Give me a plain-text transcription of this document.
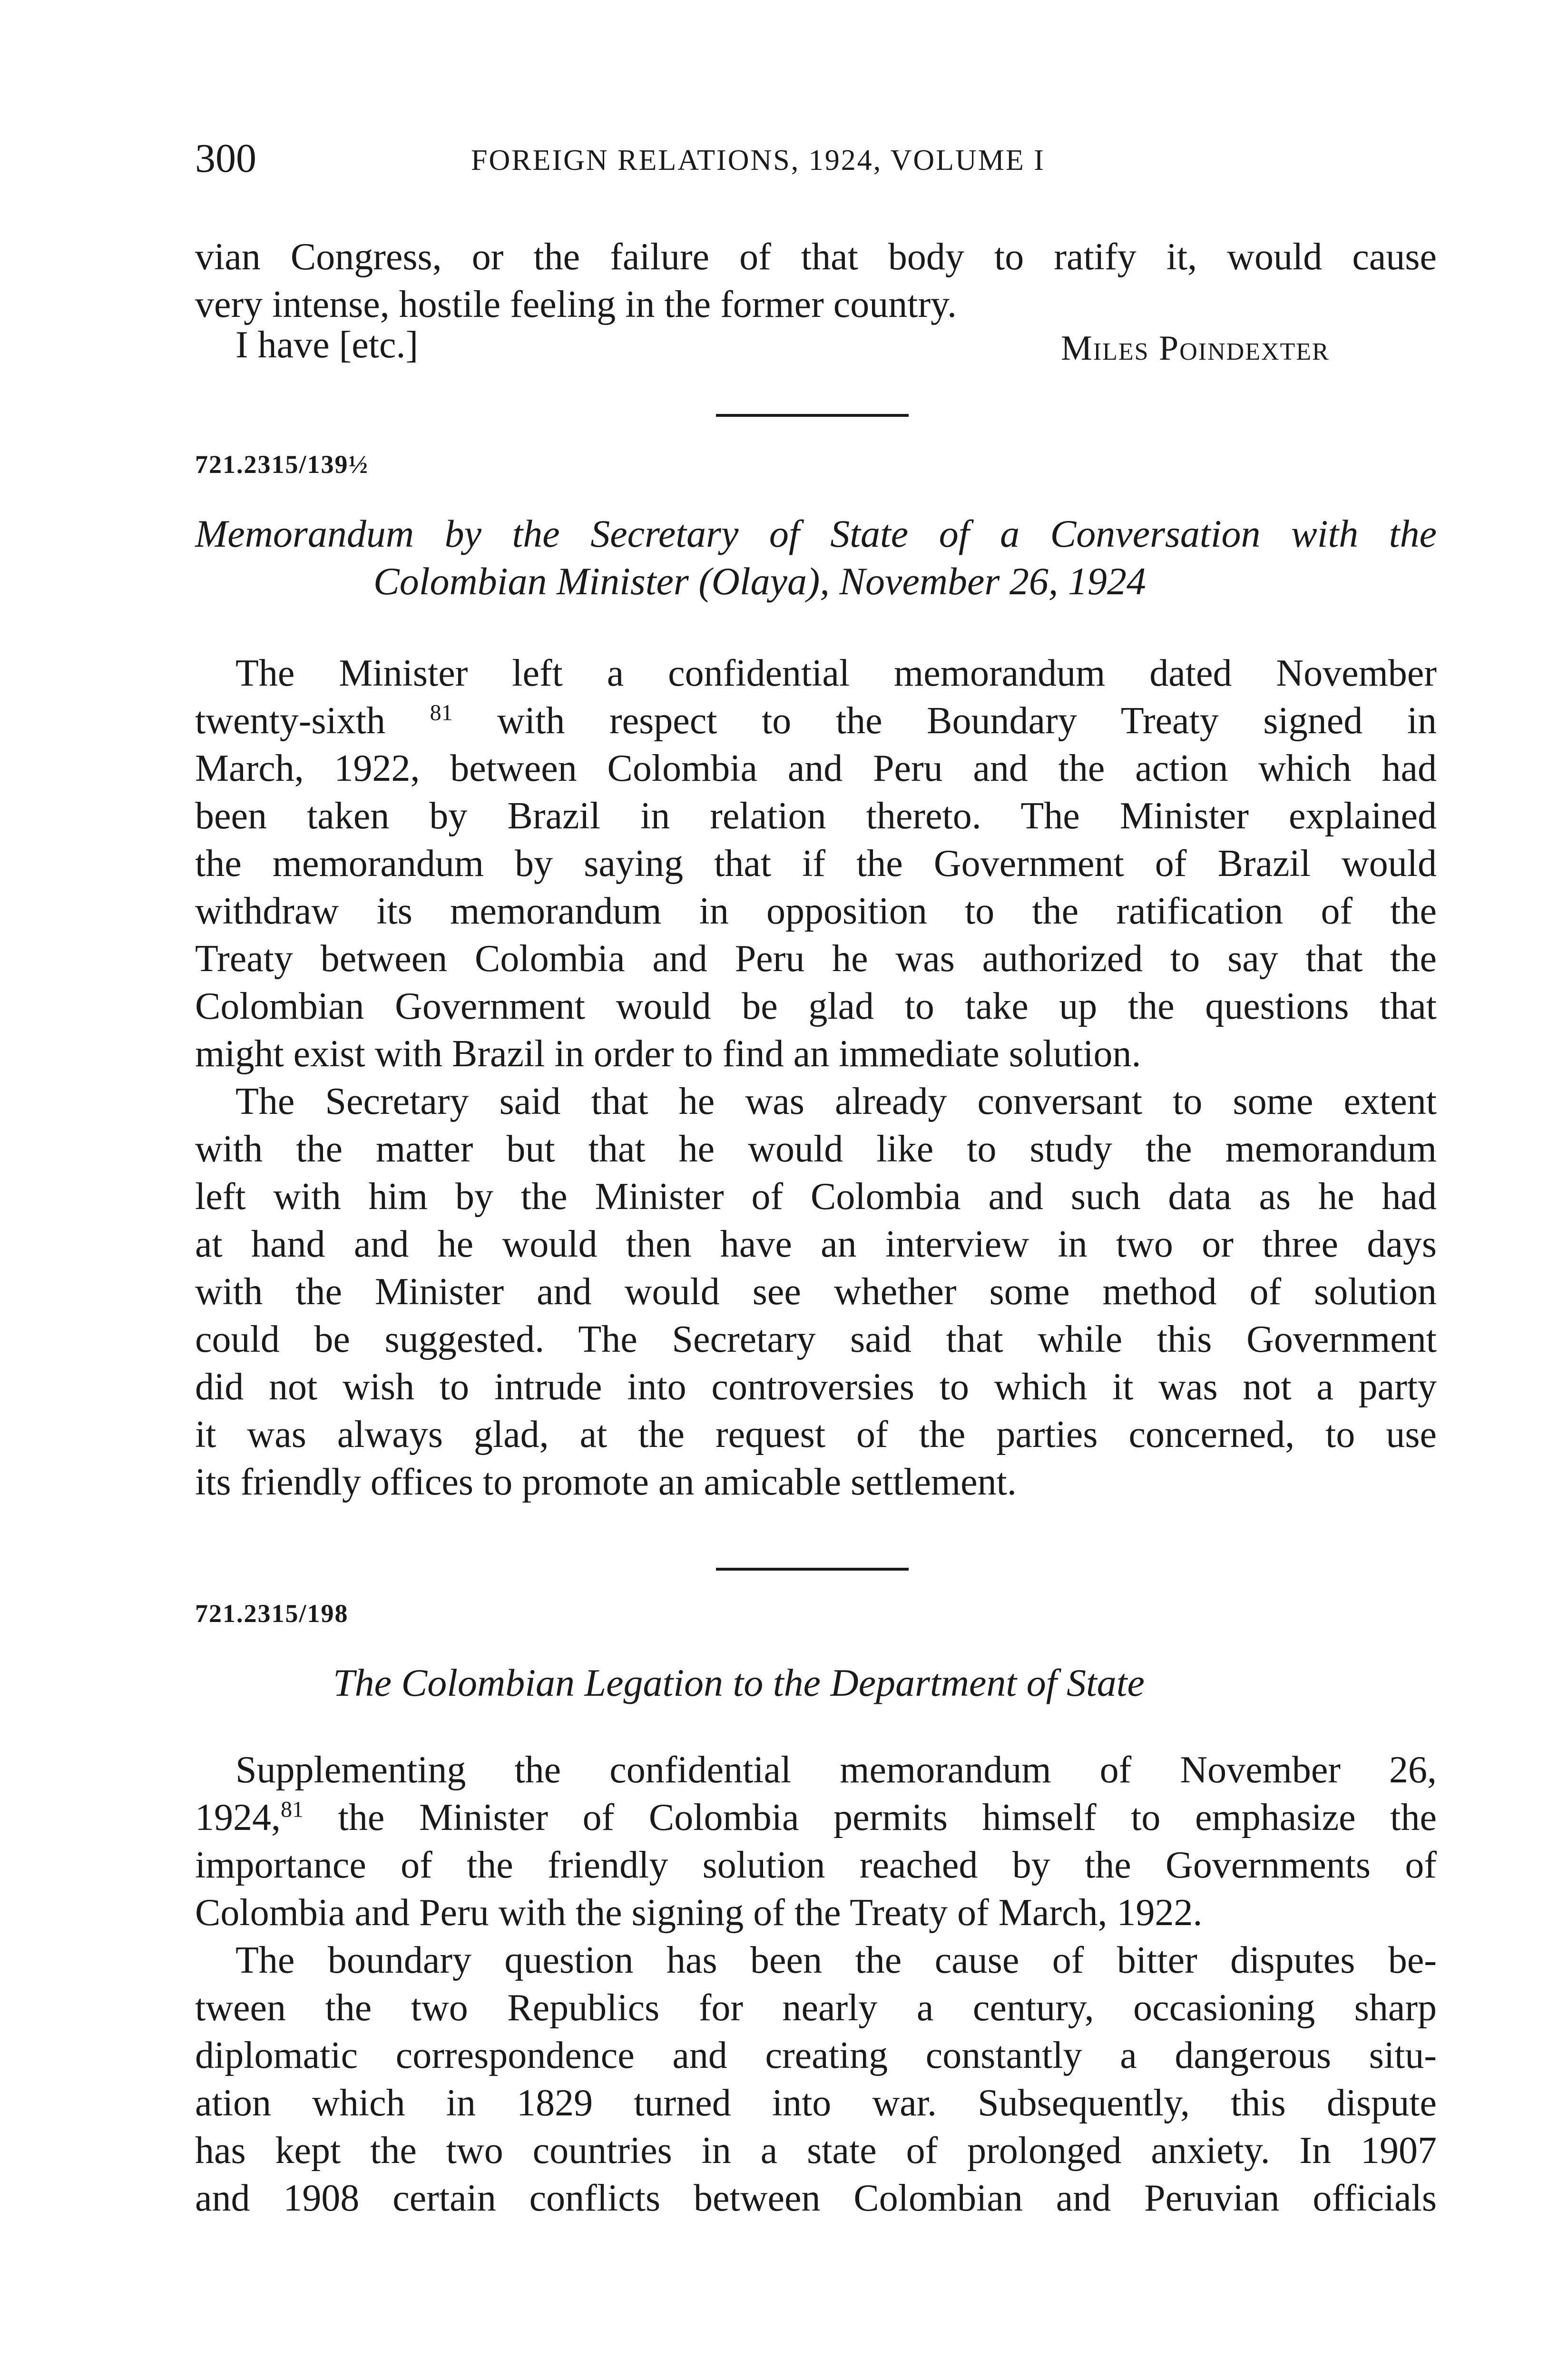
300	FOREIGN RELATIONS, 1924, VOLUME I
vian Congress, or the failure of that body to ratify it, would cause
very intense, hostile feeling in the former country.
I have [etc.]	Miles Poindexter
721.2315/139½
Memorandum by the Secretary of State of a Conversation with the
Colombian Minister (Olaya), November 26, 1924
The Minister left a confidential memorandum dated November
twenty-sixth $^{81}$ with respect to the Boundary Treaty signed in
March, 1922, between Colombia and Peru and the action which had
been taken by Brazil in relation thereto. The Minister explained
the memorandum by saying that if the Government of Brazil would
withdraw its memorandum in opposition to the ratification of the
Treaty between Colombia and Peru he was authorized to say that the
Colombian Government would be glad to take up the questions that
might exist with Brazil in order to find an immediate solution.
The Secretary said that he was already conversant to some extent
with the matter but that he would like to study the memorandum
left with him by the Minister of Colombia and such data as he had
at hand and he would then have an interview in two or three days
with the Minister and would see whether some method of solution
could be suggested. The Secretary said that while this Government
did not wish to intrude into controversies to which it was not a party
it was always glad, at the request of the parties concerned, to use
its friendly offices to promote an amicable settlement.
721.2315/198
The Colombian Legation to the Department of State
Supplementing the confidential memorandum of November 26,
1924,81 the Minister of Colombia permits himself to emphasize the
importance of the friendly solution reached by the Governments of
Colombia and Peru with the signing of the Treaty of March, 1922.
The boundary question has been the cause of bitter disputes be-
tween the two Republics for nearly a century, occasioning sharp
diplomatic correspondence and creating constantly a dangerous situ-
ation which in 1829 turned into war. Subsequently, this dispute
has kept the two countries in a state of prolonged anxiety. In 1907
and 1908 certain conflicts between Colombian and Peruvian officials
